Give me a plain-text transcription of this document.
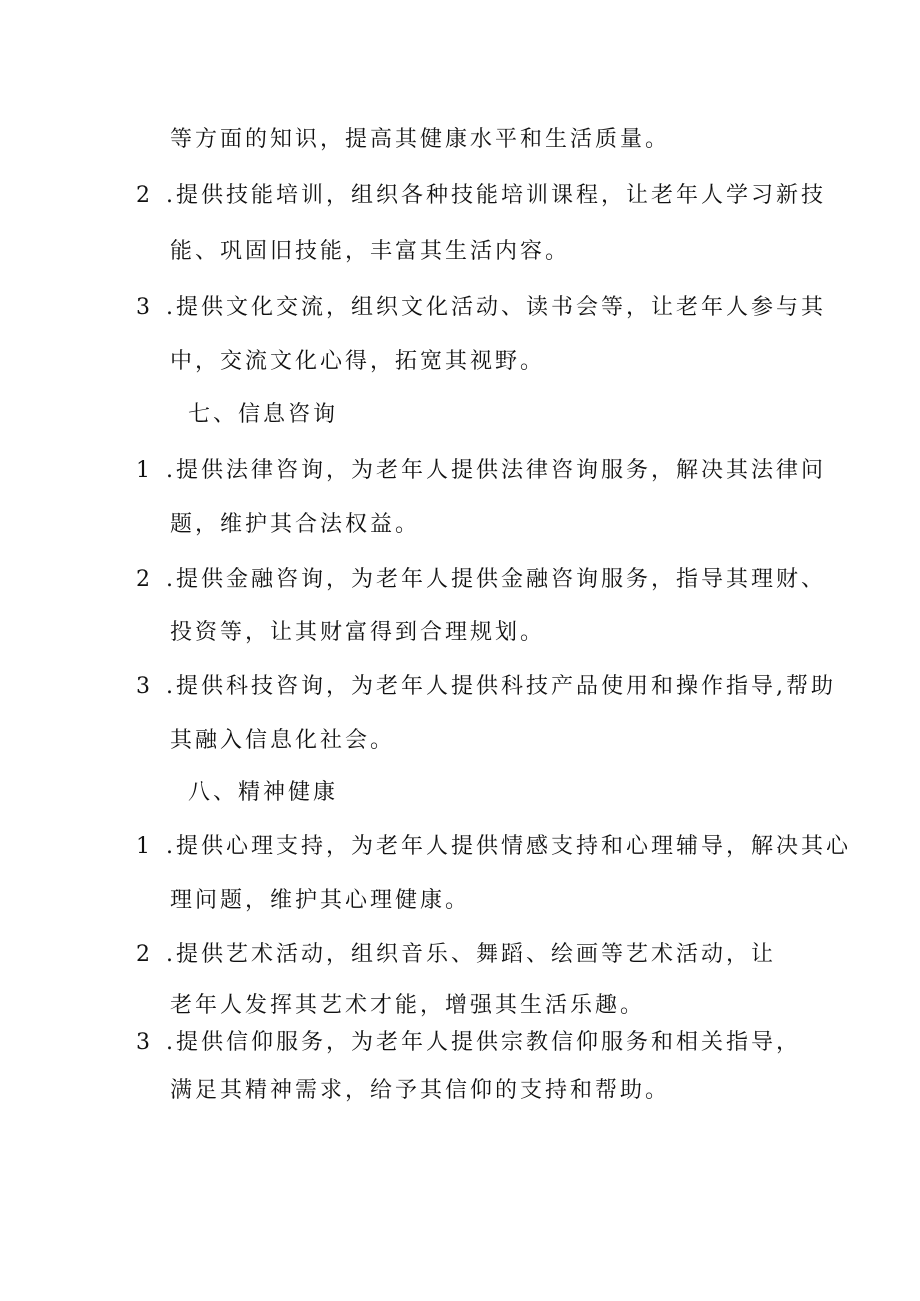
等方面的知识，提高其健康水平和生活质量。
2 .提供技能培训，组织各种技能培训课程，让老年人学习新技
能、巩固旧技能，丰富其生活内容。
3 .提供文化交流，组织文化活动、读书会等，让老年人参与其
中，交流文化心得，拓宽其视野。
七、信息咨询
1 .提供法律咨询，为老年人提供法律咨询服务，解决其法律问
题，维护其合法权益。
2 .提供金融咨询，为老年人提供金融咨询服务，指导其理财、
投资等，让其财富得到合理规划。
3 .提供科技咨询，为老年人提供科技产品使用和操作指导,帮助
其融入信息化社会。
八、精神健康
1 .提供心理支持，为老年人提供情感支持和心理辅导，解决其心
理问题，维护其心理健康。
2 .提供艺术活动，组织音乐、舞蹈、绘画等艺术活动，让
老年人发挥其艺术才能，增强其生活乐趣。
3 .提供信仰服务，为老年人提供宗教信仰服务和相关指导，
满足其精神需求，给予其信仰的支持和帮助。
